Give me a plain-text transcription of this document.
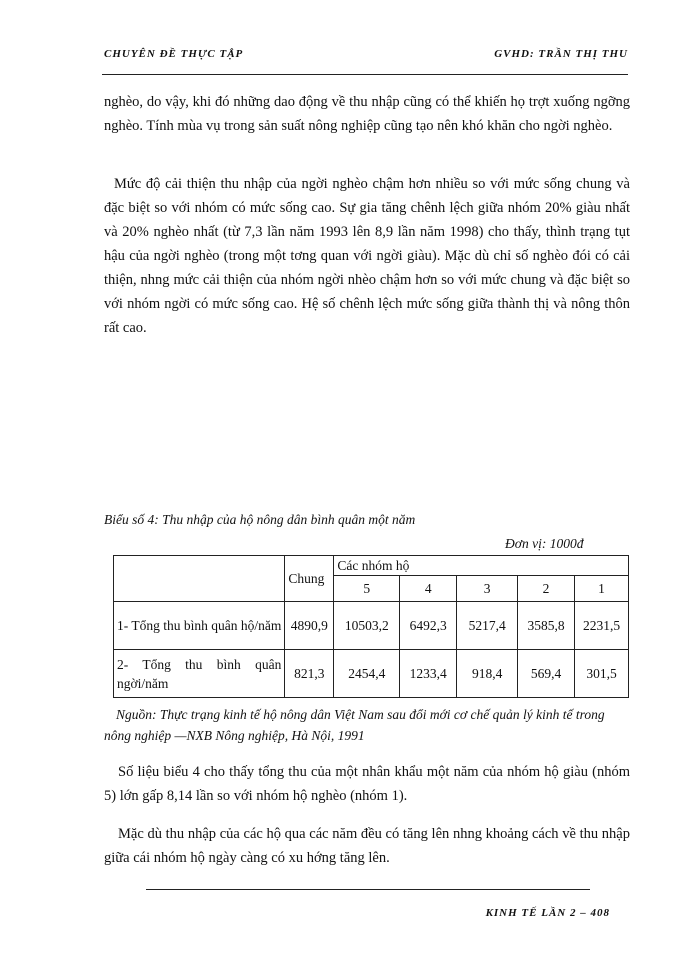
CHUYÊN ĐỀ THỰC TẬP	GVHD: TRẦN THỊ THU

nghèo, do vậy, khi đó những dao động về thu nhập cũng có thể khiến họ trợt xuống ngỡng nghèo. Tính mùa vụ trong sản suất nông nghiệp cũng tạo nên khó khăn cho ngời nghèo.

Mức độ cải thiện thu nhập của ngời nghèo chậm hơn nhiều so với mức sống chung và đặc biệt so với nhóm có mức sống cao. Sự gia tăng chênh lệch giữa nhóm 20% giàu nhất và 20% nghèo nhất (từ 7,3 lần năm 1993 lên 8,9 lần năm 1998) cho thấy, thình trạng tụt hậu của ngời nghèo (trong một tơng quan với ngời giàu). Mặc dù chỉ số nghèo đói có cải thiện, nhng mức cải thiện của nhóm ngời nhèo chậm hơn so với mức chung và đặc biệt so với nhóm ngời có mức sống cao. Hệ số chênh lệch mức sống giữa thành thị và nông thôn rất cao.

Biểu số 4: Thu nhập của hộ nông dân bình quân một năm
Đơn vị: 1000đ
	Chung	Các nhóm hộ				
		5	4	3	2	1
1- Tổng thu bình quân hộ/năm	4890,9	10503,2	6492,3	5217,4	3585,8	2231,5
2- Tổng thu bình quân ngời/năm	821,3	2454,4	1233,4	918,4	569,4	301,5
Nguồn: Thực trạng kinh tế hộ nông dân Việt Nam sau đổi mới cơ chế quản lý kinh tế trong nông nghiệp —NXB Nông nghiệp, Hà Nội, 1991

Số liệu biểu 4 cho thấy tổng thu của một nhân khẩu một năm của nhóm hộ giàu (nhóm 5) lớn gấp 8,14 lần so với nhóm hộ nghèo (nhóm 1).

Mặc dù thu nhập của các hộ qua các năm đều có tăng lên nhng khoảng cách về thu nhập giữa cái nhóm hộ ngày càng có xu hớng tăng lên.

KINH TẾ LẦN 2 – 408
